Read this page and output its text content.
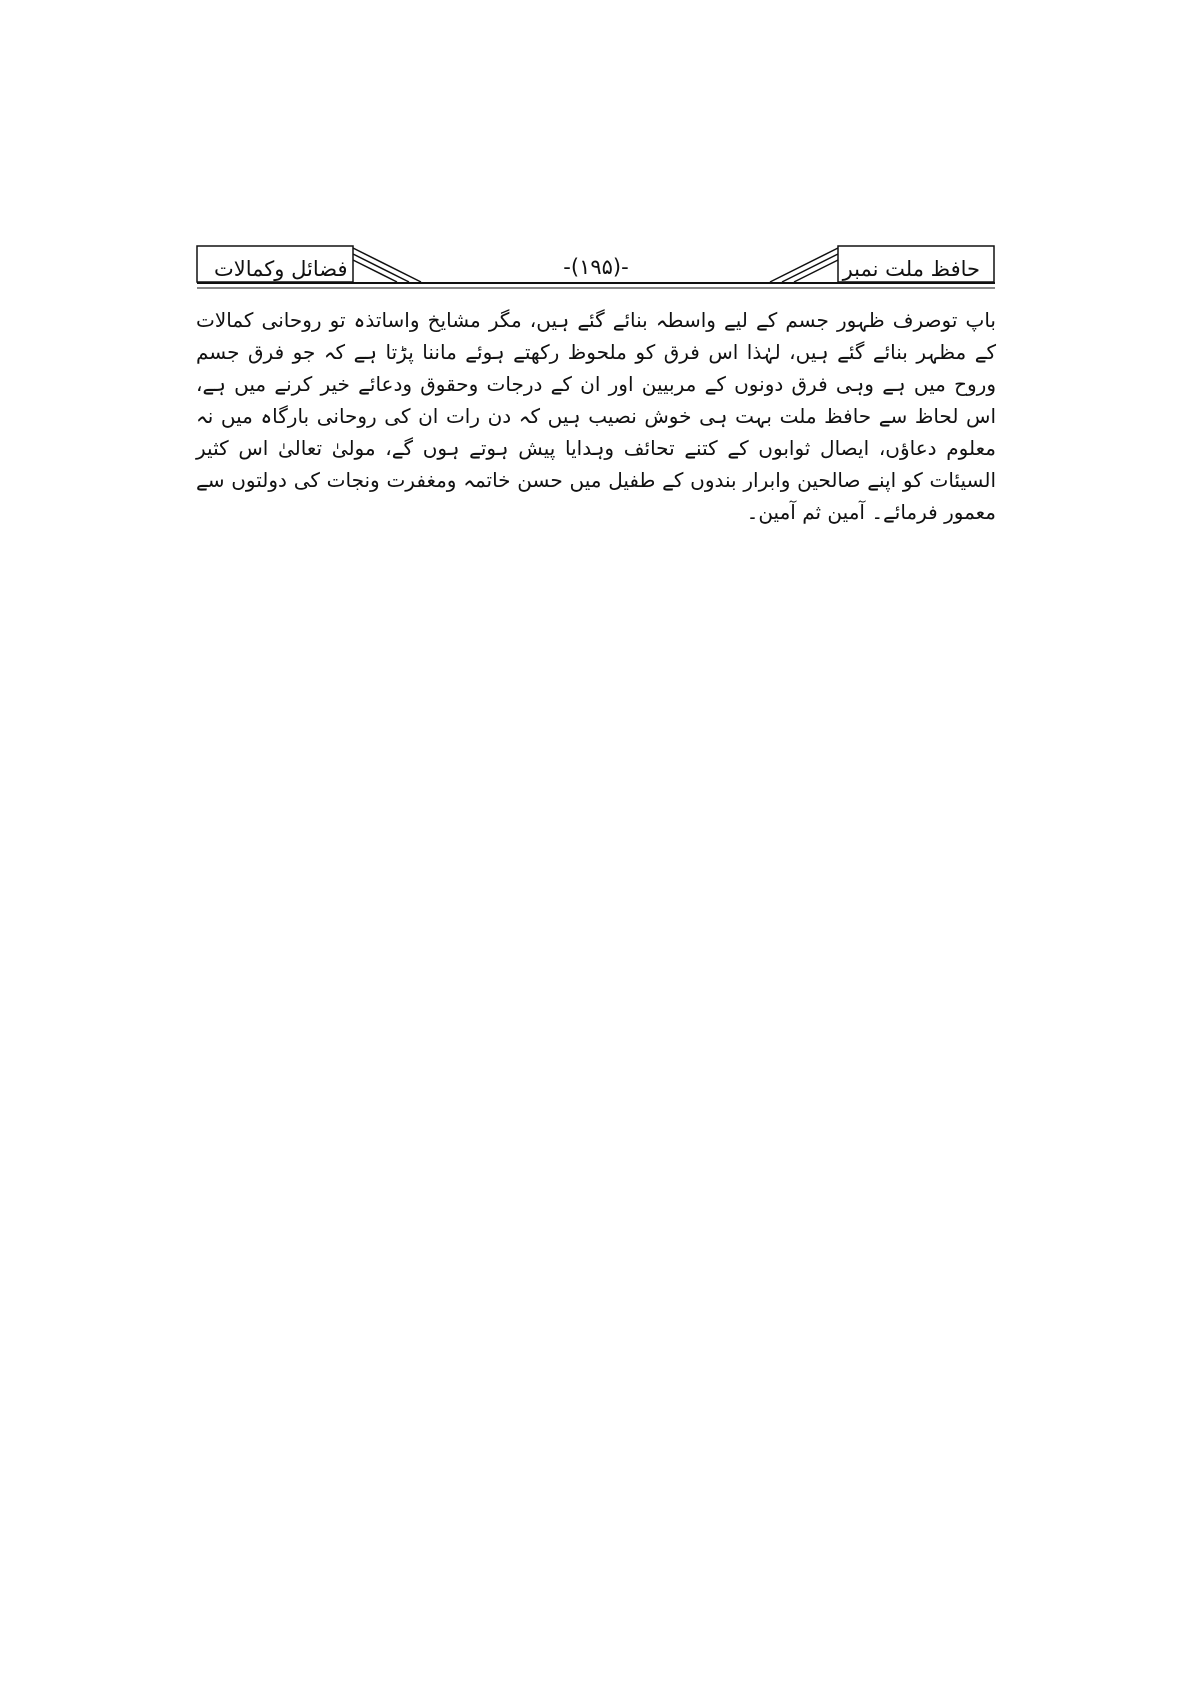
فضائل وکمالات	-(۱۹۵)-	حافظ ملت نمبر

باپ توصرف ظہور جسم کے لیے واسطہ بنائے گئے ہیں، مگر مشایخ واساتذہ تو روحانی کمالات کے مظہر بنائے گئے ہیں، لہٰذا اس فرق کو ملحوظ رکھتے ہوئے ماننا پڑتا ہے کہ جو فرق جسم وروح میں ہے وہی فرق دونوں کے مربیین اور ان کے درجات وحقوق ودعائے خیر کرنے میں ہے، اس لحاظ سے حافظ ملت بہت ہی خوش نصیب ہیں کہ دن رات ان کی روحانی بارگاہ میں نہ معلوم دعاؤں، ایصال ثوابوں کے کتنے تحائف وہدایا پیش ہوتے ہوں گے، مولیٰ تعالیٰ اس کثیر السیئات کو اپنے صالحین وابرار بندوں کے طفیل میں حسن خاتمہ ومغفرت ونجات کی دولتوں سے معمور فرمائے۔ آمین ثم آمین۔
